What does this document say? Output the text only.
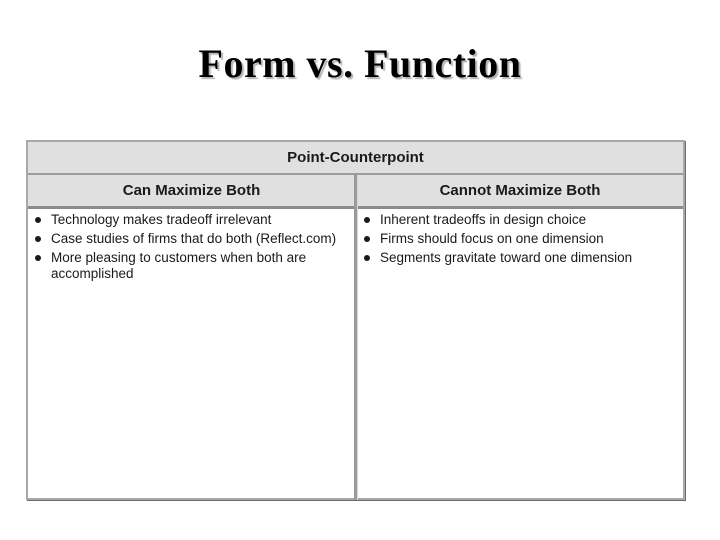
Form vs. Function
Point-Counterpoint
Can Maximize Both	Cannot Maximize Both
Technology makes tradeoff irrelevant
Case studies of firms that do both (Reflect.com)
More pleasing to customers when both are accomplished
Inherent tradeoffs in design choice
Firms should focus on one dimension
Segments gravitate toward one dimension
